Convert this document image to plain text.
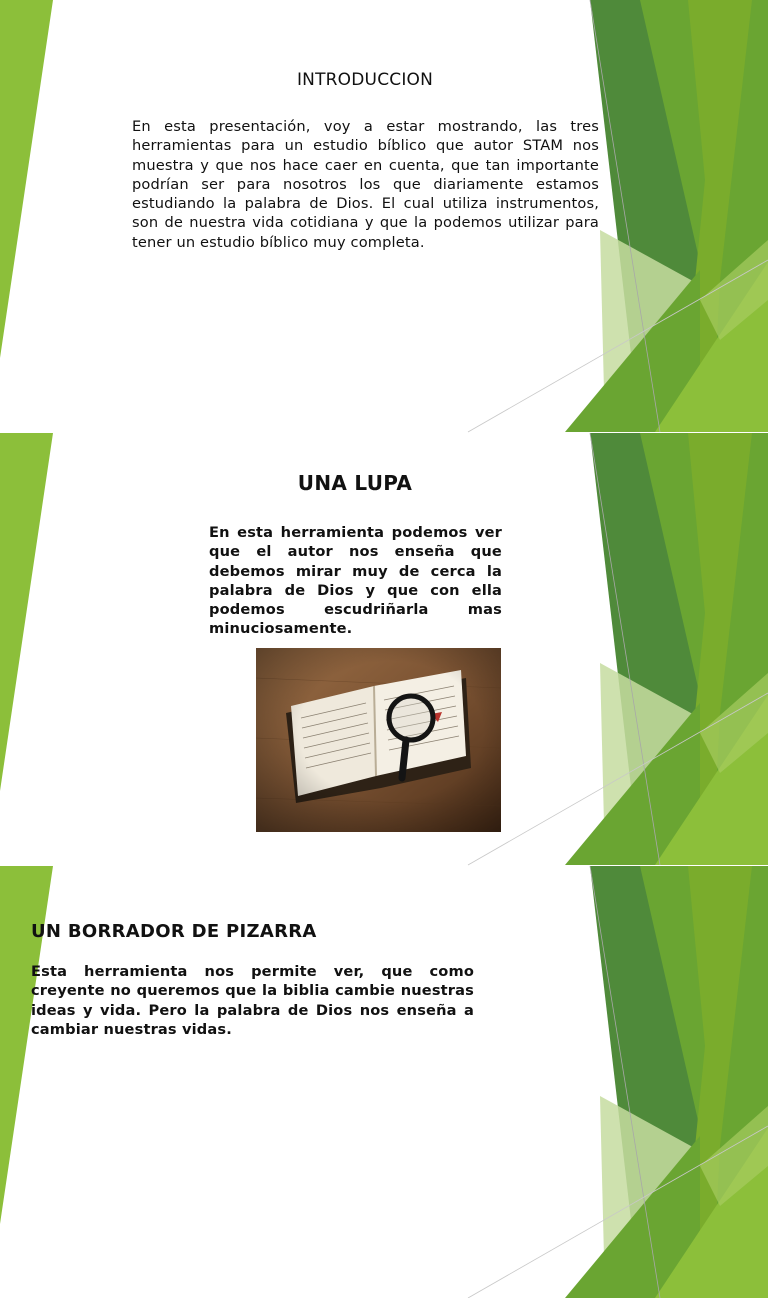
INTRODUCCION
En esta presentación, voy a estar mostrando, las tres herramientas para un estudio bíblico que autor STAM nos muestra y que nos hace caer en cuenta, que tan importante podrían ser para nosotros los que diariamente estamos estudiando la palabra de Dios. El cual utiliza instrumentos, son de nuestra vida cotidiana y que la podemos utilizar para tener un estudio bíblico muy completa.
UNA LUPA
En esta herramienta podemos ver que el autor nos enseña que debemos mirar muy de cerca la palabra de Dios y que con ella podemos escudriñarla mas minuciosamente.
UN BORRADOR DE PIZARRA
Esta herramienta nos permite ver, que como creyente no queremos que la biblia cambie nuestras ideas y vida. Pero la palabra de Dios nos enseña a cambiar nuestras vidas.
